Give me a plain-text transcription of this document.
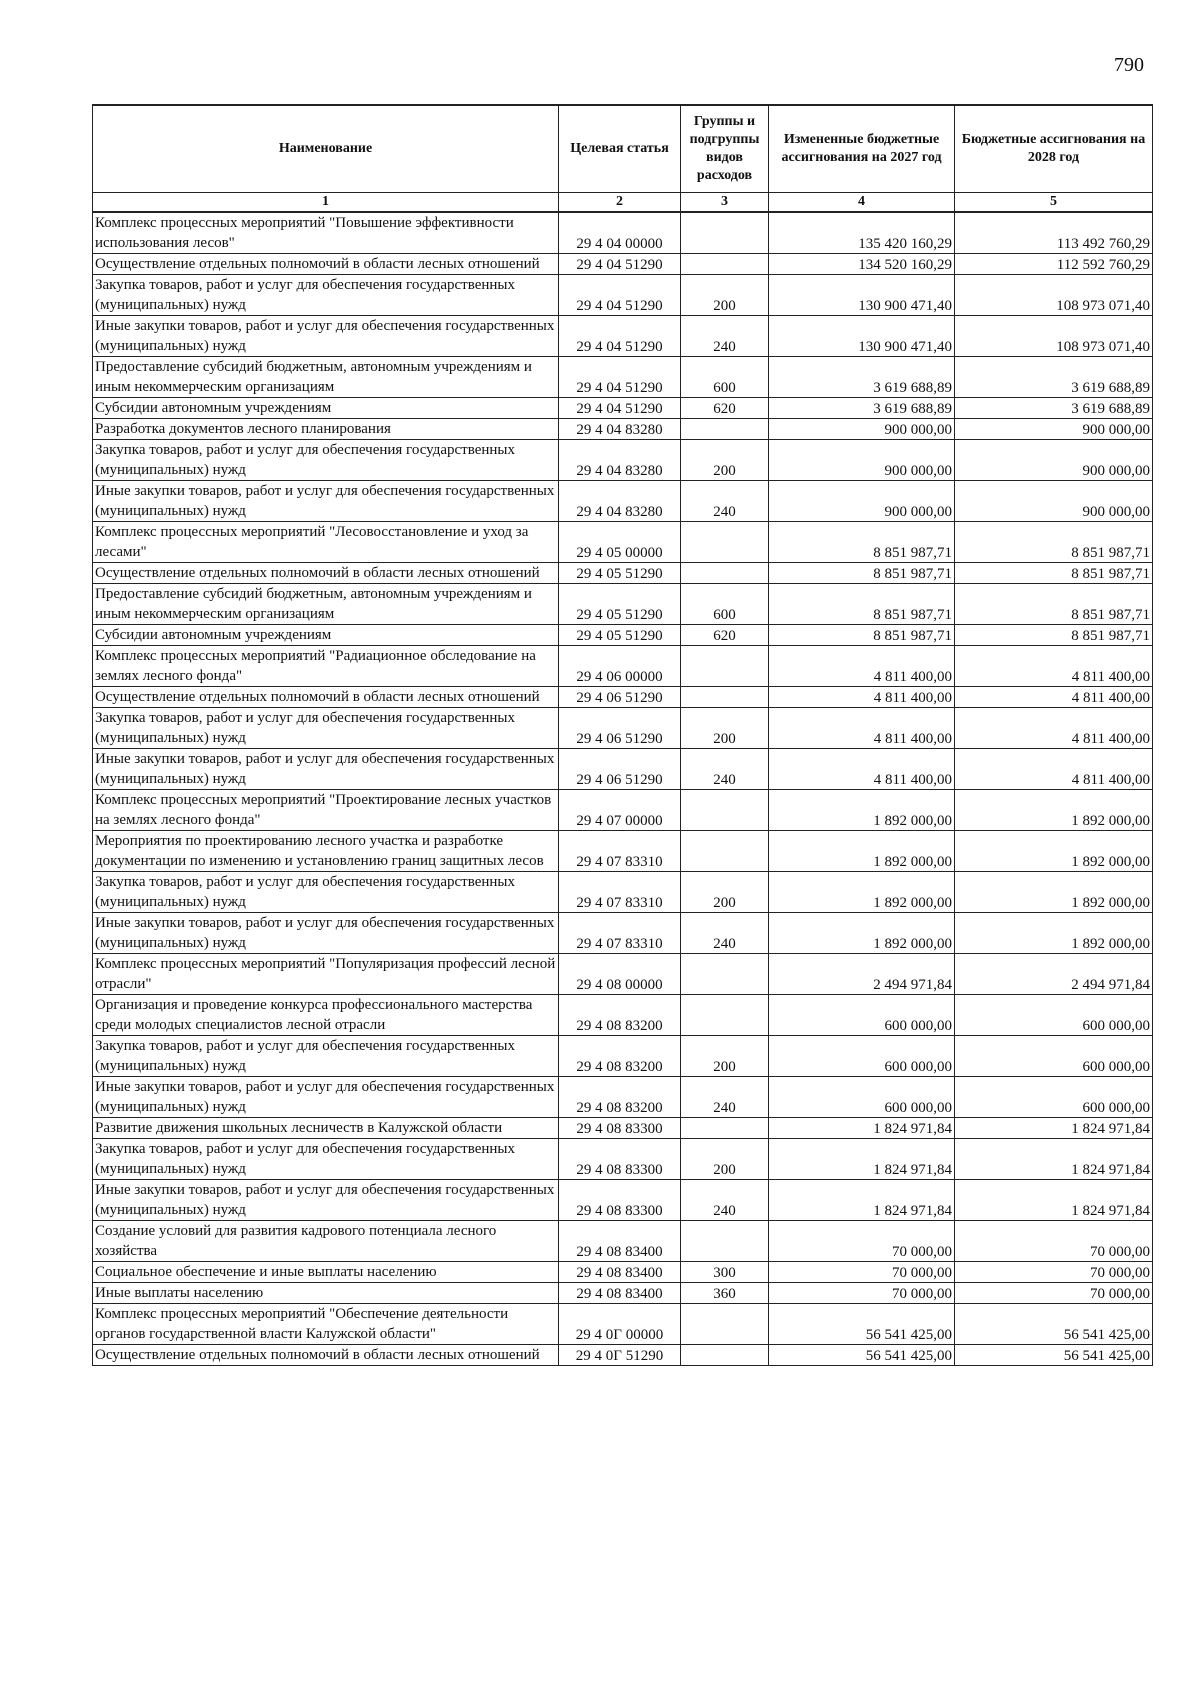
790
Наименование	Целевая статья	Группы и подгруппы видов расходов	Измененные бюджетные ассигнования на 2027 год	Бюджетные ассигнования на 2028 год
1	2	3	4	5
Комплекс процессных мероприятий "Повышение эффективности использования лесов"	29 4 04 00000		135 420 160,29	113 492 760,29
Осуществление отдельных полномочий в области лесных отношений	29 4 04 51290		134 520 160,29	112 592 760,29
Закупка товаров, работ и услуг для обеспечения государственных (муниципальных) нужд	29 4 04 51290	200	130 900 471,40	108 973 071,40
Иные закупки товаров, работ и услуг для обеспечения государственных (муниципальных) нужд	29 4 04 51290	240	130 900 471,40	108 973 071,40
Предоставление субсидий бюджетным, автономным учреждениям и иным некоммерческим организациям	29 4 04 51290	600	3 619 688,89	3 619 688,89
Субсидии автономным учреждениям	29 4 04 51290	620	3 619 688,89	3 619 688,89
Разработка документов лесного планирования	29 4 04 83280		900 000,00	900 000,00
Закупка товаров, работ и услуг для обеспечения государственных (муниципальных) нужд	29 4 04 83280	200	900 000,00	900 000,00
Иные закупки товаров, работ и услуг для обеспечения государственных (муниципальных) нужд	29 4 04 83280	240	900 000,00	900 000,00
Комплекс процессных мероприятий "Лесовосстановление и уход за лесами"	29 4 05 00000		8 851 987,71	8 851 987,71
Осуществление отдельных полномочий в области лесных отношений	29 4 05 51290		8 851 987,71	8 851 987,71
Предоставление субсидий бюджетным, автономным учреждениям и иным некоммерческим организациям	29 4 05 51290	600	8 851 987,71	8 851 987,71
Субсидии автономным учреждениям	29 4 05 51290	620	8 851 987,71	8 851 987,71
Комплекс процессных мероприятий "Радиационное обследование на землях лесного фонда"	29 4 06 00000		4 811 400,00	4 811 400,00
Осуществление отдельных полномочий в области лесных отношений	29 4 06 51290		4 811 400,00	4 811 400,00
Закупка товаров, работ и услуг для обеспечения государственных (муниципальных) нужд	29 4 06 51290	200	4 811 400,00	4 811 400,00
Иные закупки товаров, работ и услуг для обеспечения государственных (муниципальных) нужд	29 4 06 51290	240	4 811 400,00	4 811 400,00
Комплекс процессных мероприятий "Проектирование лесных участков на землях лесного фонда"	29 4 07 00000		1 892 000,00	1 892 000,00
Мероприятия по проектированию лесного участка и разработке документации по изменению и установлению границ защитных лесов	29 4 07 83310		1 892 000,00	1 892 000,00
Закупка товаров, работ и услуг для обеспечения государственных (муниципальных) нужд	29 4 07 83310	200	1 892 000,00	1 892 000,00
Иные закупки товаров, работ и услуг для обеспечения государственных (муниципальных) нужд	29 4 07 83310	240	1 892 000,00	1 892 000,00
Комплекс процессных мероприятий "Популяризация профессий лесной отрасли"	29 4 08 00000		2 494 971,84	2 494 971,84
Организация и проведение конкурса профессионального мастерства среди молодых специалистов лесной отрасли	29 4 08 83200		600 000,00	600 000,00
Закупка товаров, работ и услуг для обеспечения государственных (муниципальных) нужд	29 4 08 83200	200	600 000,00	600 000,00
Иные закупки товаров, работ и услуг для обеспечения государственных (муниципальных) нужд	29 4 08 83200	240	600 000,00	600 000,00
Развитие движения школьных лесничеств в Калужской области	29 4 08 83300		1 824 971,84	1 824 971,84
Закупка товаров, работ и услуг для обеспечения государственных (муниципальных) нужд	29 4 08 83300	200	1 824 971,84	1 824 971,84
Иные закупки товаров, работ и услуг для обеспечения государственных (муниципальных) нужд	29 4 08 83300	240	1 824 971,84	1 824 971,84
Создание условий для развития кадрового потенциала лесного хозяйства	29 4 08 83400		70 000,00	70 000,00
Социальное обеспечение и иные выплаты населению	29 4 08 83400	300	70 000,00	70 000,00
Иные выплаты населению	29 4 08 83400	360	70 000,00	70 000,00
Комплекс процессных мероприятий "Обеспечение деятельности органов государственной власти Калужской области"	29 4 0Г 00000		56 541 425,00	56 541 425,00
Осуществление отдельных полномочий в области лесных отношений	29 4 0Г 51290		56 541 425,00	56 541 425,00
